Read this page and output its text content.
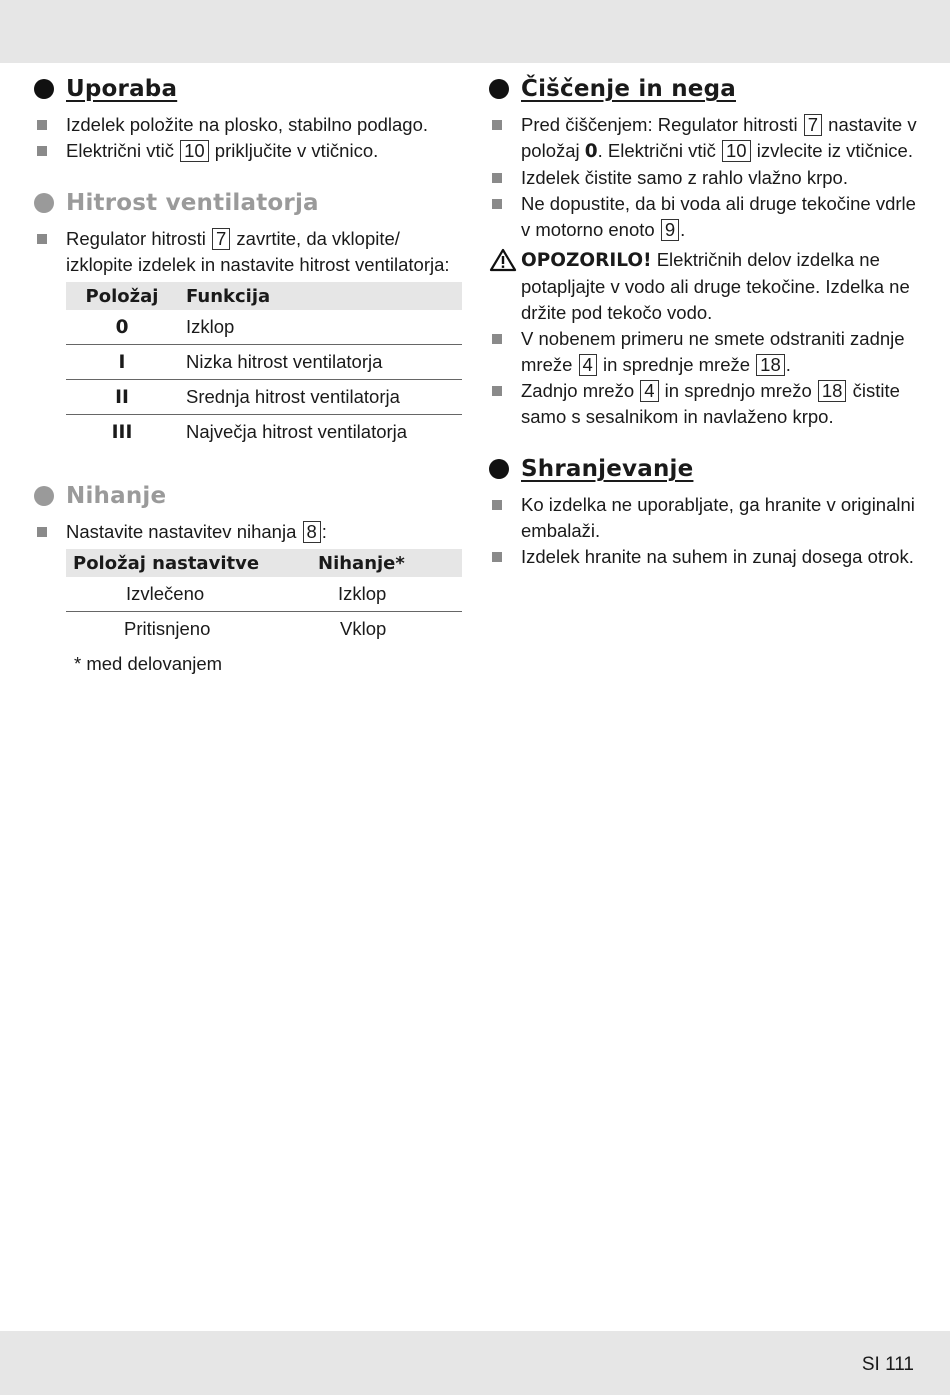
Uporaba
Izdelek položite na plosko, stabilno podlago.
Električni vtič 10 priključite v vtičnico.
Hitrost ventilatorja
Regulator hitrosti 7 zavrtite, da vklopite/ izklopite izdelek in nastavite hitrost ventilatorja:
Položaj	Funkcija
0	Izklop
I	Nizka hitrost ventilatorja
II	Srednja hitrost ventilatorja
III	Največja hitrost ventilatorja
Nihanje
Nastavite nastavitev nihanja 8 :
Položaj nastavitve	Nihanje*
Izvlečeno	Izklop
Pritisnjeno	Vklop
* med delovanjem
Čiščenje in nega
Pred čiščenjem: Regulator hitrosti 7 nastavite v položaj 0. Električni vtič 10 izvlecite iz vtičnice.
Izdelek čistite samo z rahlo vlažno krpo.
Ne dopustite, da bi voda ali druge tekočine vdrle v motorno enoto 9 .
OPOZORILO! Električnih delov izdelka ne potapljajte v vodo ali druge tekočine. Izdelka ne držite pod tekočo vodo.
V nobenem primeru ne smete odstraniti zadnje mreže 4 in sprednje mreže 18 .
Zadnjo mrežo 4 in sprednjo mrežo 18 čistite samo s sesalnikom in navlaženo krpo.
Shranjevanje
Ko izdelka ne uporabljate, ga hranite v originalni embalaži.
Izdelek hranite na suhem in zunaj dosega otrok.
SI 111
